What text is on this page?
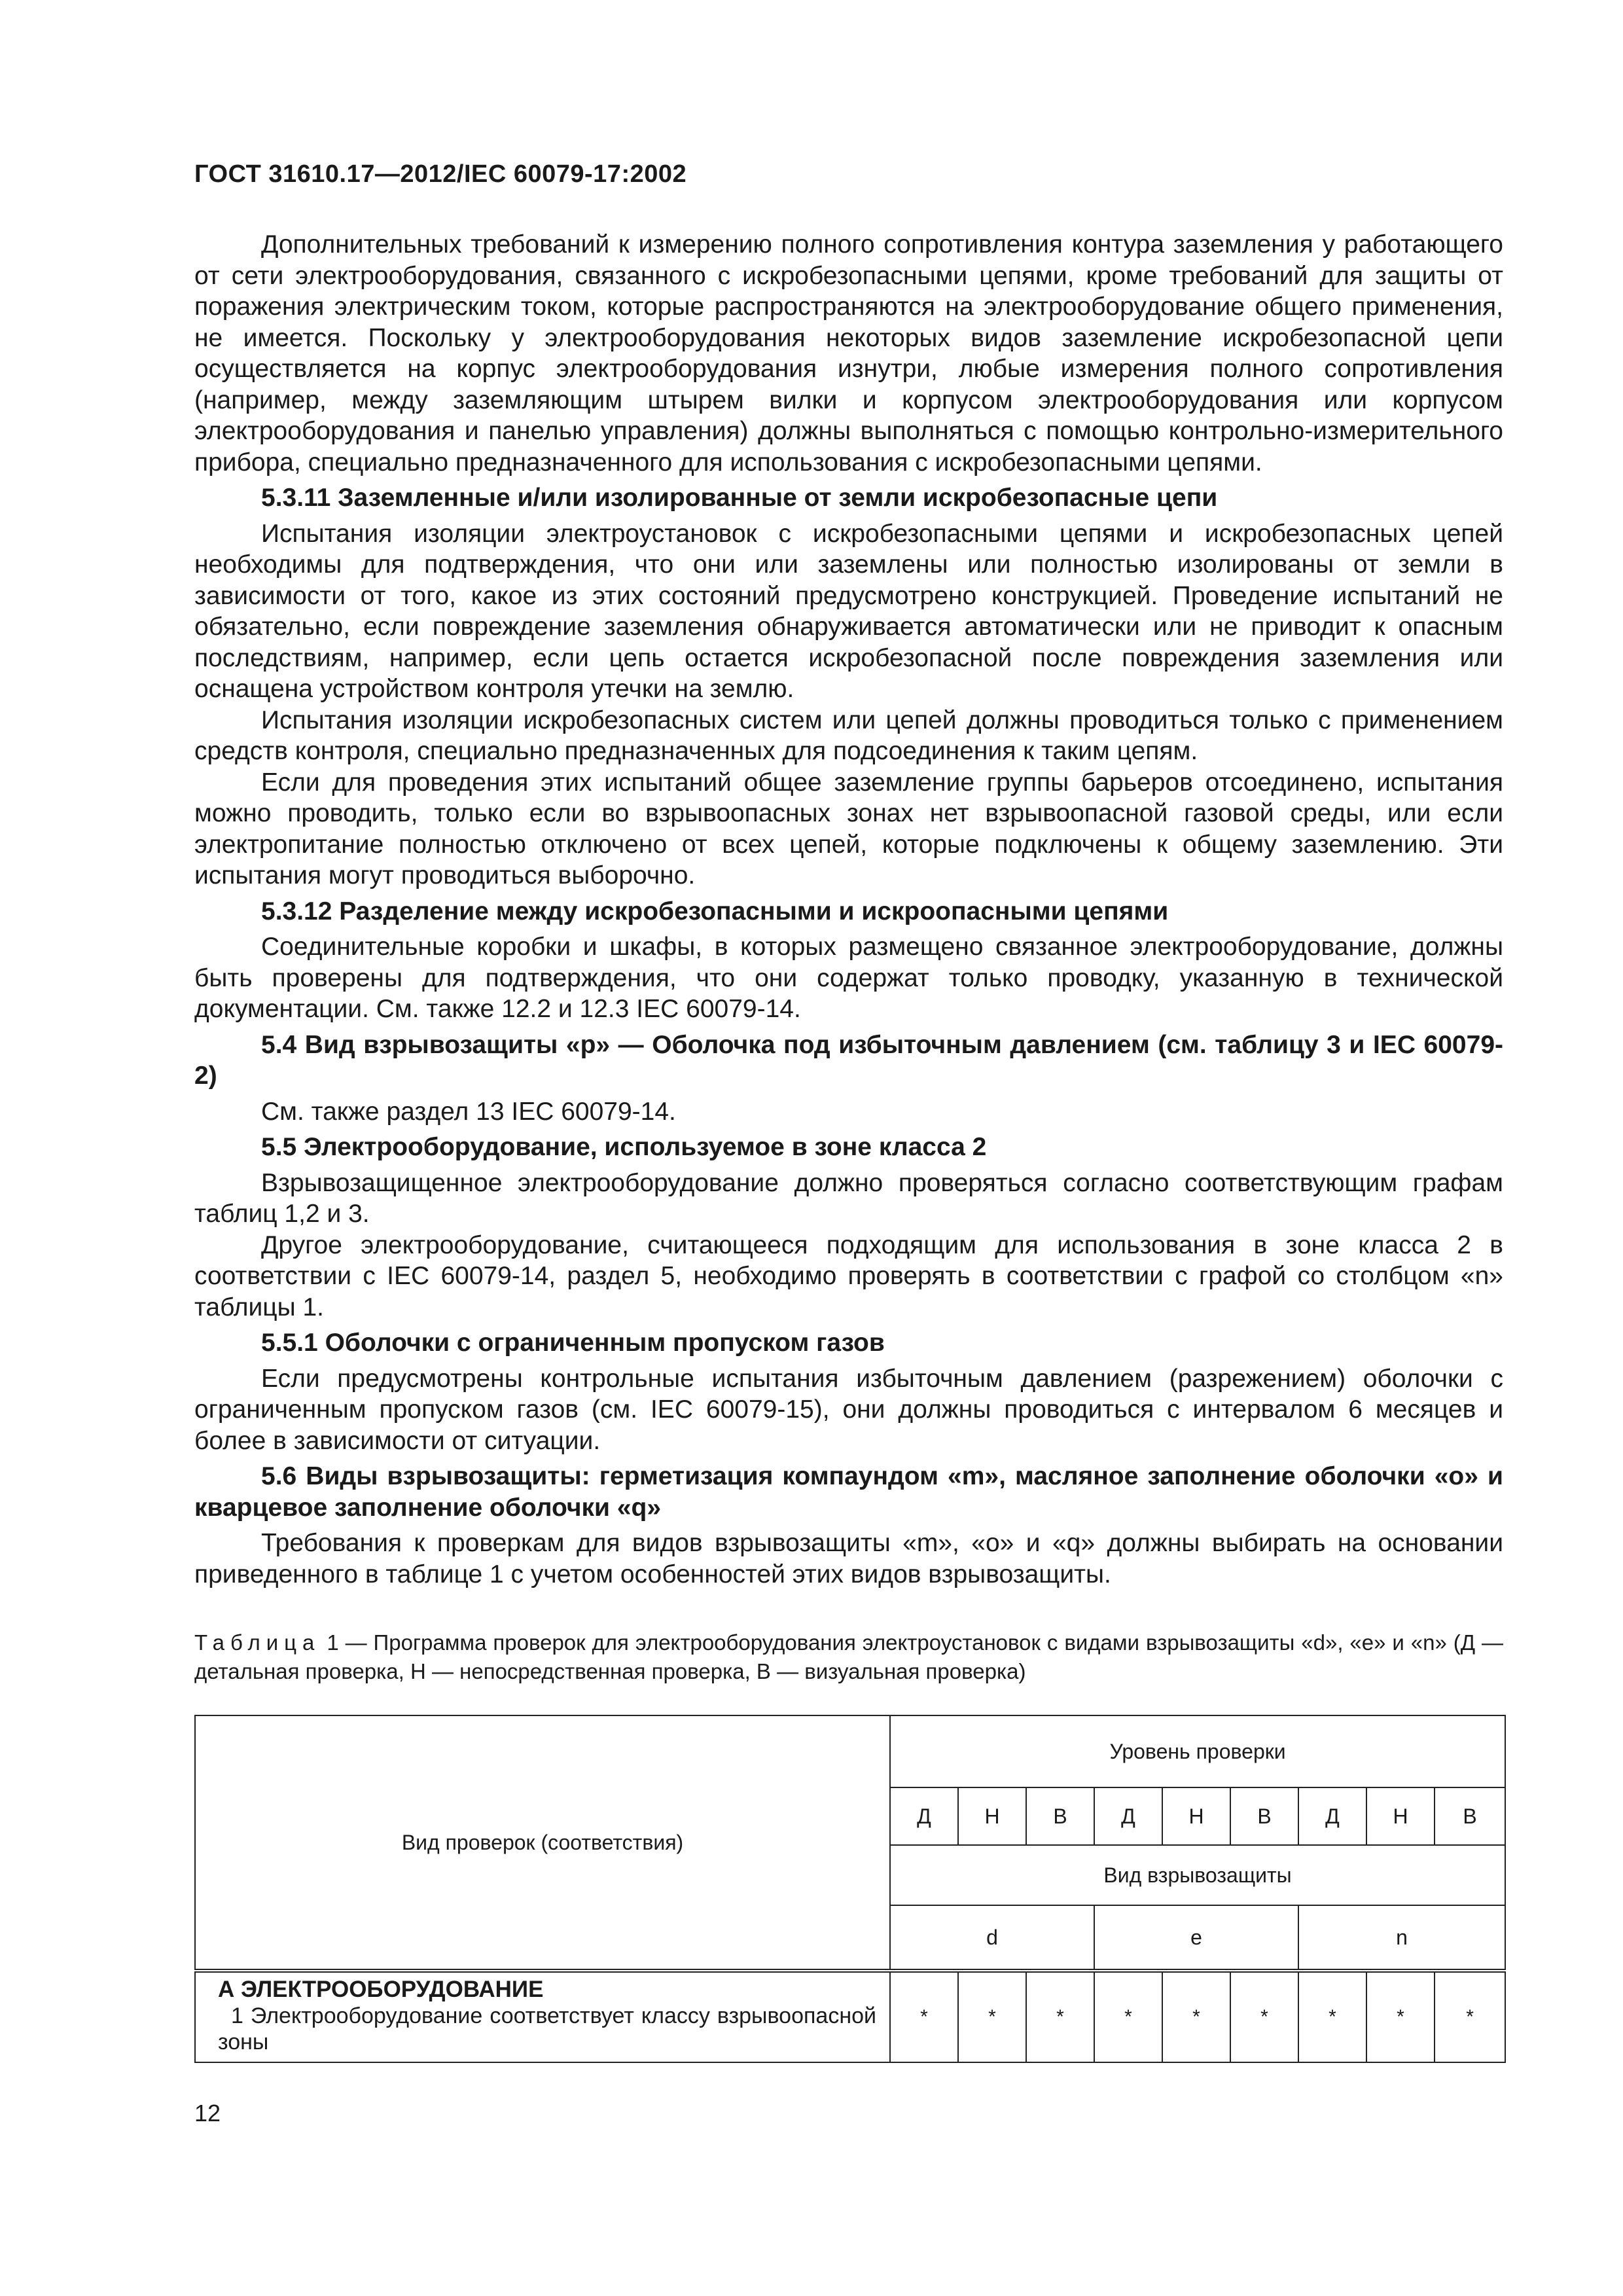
ГОСТ 31610.17—2012/IEC 60079-17:2002

Дополнительных требований к измерению полного сопротивления контура заземления у работающего от сети электрооборудования, связанного с искробезопасными цепями, кроме требований для защиты от поражения электрическим током, которые распространяются на электрооборудование общего применения, не имеется. Поскольку у электрооборудования некоторых видов заземление искробезопасной цепи осуществляется на корпус электрооборудования изнутри, любые измерения полного сопротивления (например, между заземляющим штырем вилки и корпусом электрооборудования или корпусом электрооборудования и панелью управления) должны выполняться с помощью контрольно-измерительного прибора, специально предназначенного для использования с искробезопасными цепями.

5.3.11 Заземленные и/или изолированные от земли искробезопасные цепи

Испытания изоляции электроустановок с искробезопасными цепями и искробезопасных цепей необходимы для подтверждения, что они или заземлены или полностью изолированы от земли в зависимости от того, какое из этих состояний предусмотрено конструкцией. Проведение испытаний не обязательно, если повреждение заземления обнаруживается автоматически или не приводит к опасным последствиям, например, если цепь остается искробезопасной после повреждения заземления или оснащена устройством контроля утечки на землю.

Испытания изоляции искробезопасных систем или цепей должны проводиться только с применением средств контроля, специально предназначенных для подсоединения к таким цепям.

Если для проведения этих испытаний общее заземление группы барьеров отсоединено, испытания можно проводить, только если во взрывоопасных зонах нет взрывоопасной газовой среды, или если электропитание полностью отключено от всех цепей, которые подключены к общему заземлению. Эти испытания могут проводиться выборочно.

5.3.12 Разделение между искробезопасными и искроопасными цепями

Соединительные коробки и шкафы, в которых размещено связанное электрооборудование, должны быть проверены для подтверждения, что они содержат только проводку, указанную в технической документации. См. также 12.2 и 12.3 IEC 60079-14.

5.4 Вид взрывозащиты «р» — Оболочка под избыточным давлением (см. таблицу 3 и IEC 60079-2)

См. также раздел 13 IEC 60079-14.

5.5 Электрооборудование, используемое в зоне класса 2

Взрывозащищенное электрооборудование должно проверяться согласно соответствующим графам таблиц 1,2 и 3.

Другое электрооборудование, считающееся подходящим для использования в зоне класса 2 в соответствии с IEC 60079-14, раздел 5, необходимо проверять в соответствии с графой со столбцом «n» таблицы 1.

5.5.1 Оболочки с ограниченным пропуском газов

Если предусмотрены контрольные испытания избыточным давлением (разрежением) оболочки с ограниченным пропуском газов (см. IEC 60079-15), они должны проводиться с интервалом 6 месяцев и более в зависимости от ситуации.

5.6 Виды взрывозащиты: герметизация компаундом «m», масляное заполнение оболочки «o» и кварцевое заполнение оболочки «q»

Требования к проверкам для видов взрывозащиты «m», «o» и «q» должны выбирать на основании приведенного в таблице 1 с учетом особенностей этих видов взрывозащиты.

Таблица 1 — Программа проверок для электрооборудования электроустановок с видами взрывозащиты «d», «e» и «n» (Д — детальная проверка, Н — непосредственная проверка, В — визуальная проверка)
Вид проверок (соответствия)	Уровень проверки								
	Д	Н	В	Д	Н	В	Д	Н	В
	Вид взрывозащиты								
	d			e			n		

А ЭЛЕКТРООБОРУДОВАНИЕ
1 Электрооборудование соответствует классу взрывоопасной зоны	*	*	*	*	*	*	*	*	*
12
